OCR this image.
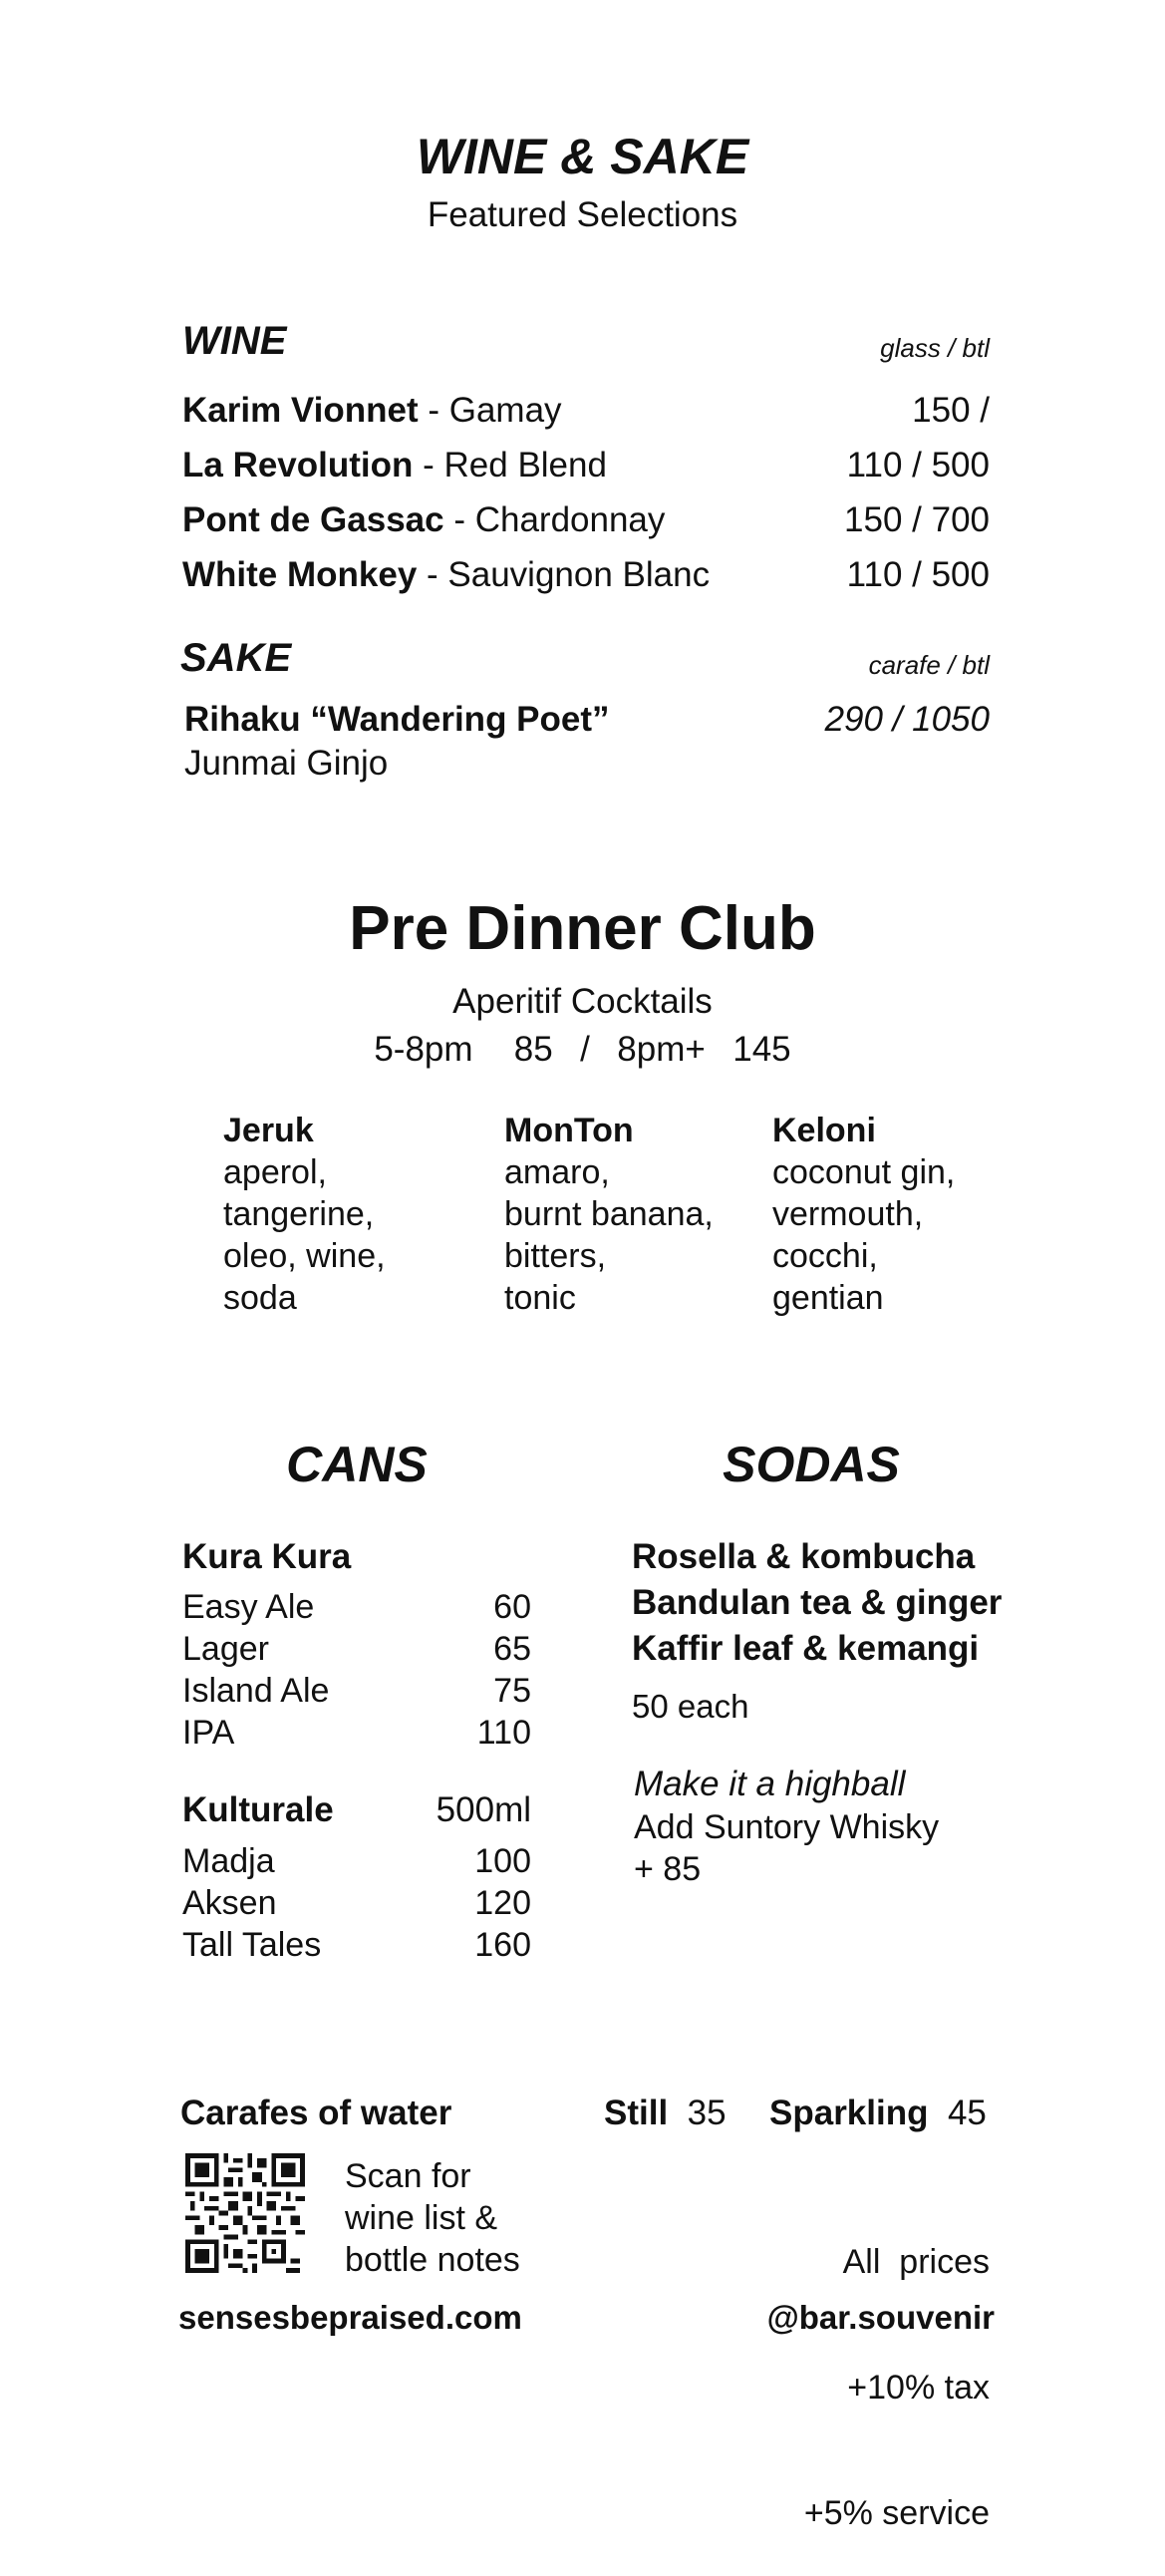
WINE & SAKE
Featured Selections
WINE	glass / btl
Karim Vionnet - Gamay	150 /
La Revolution - Red Blend	110 / 500
Pont de Gassac - Chardonnay	150 / 700
White Monkey - Sauvignon Blanc	110 / 500
SAKE	carafe / btl
Rihaku “Wandering Poet”
Junmai Ginjo
290 / 1050
Pre Dinner Club
Aperitif Cocktails
5-8pm   85  /  8pm+  145
Jeruk
aperol,
tangerine,
oleo, wine,
soda
MonTon
amaro,
burnt banana,
bitters,
tonic
Keloni
coconut gin,
vermouth,
cocchi,
gentian
CANS
Kura Kura
Easy Ale	60
Lager	65
Island Ale	75
IPA	110
Kulturale	500ml
Madja	100
Aksen	120
Tall Tales	160
SODAS
Rosella & kombucha
Bandulan tea & ginger
Kaffir leaf & kemangi
50 each
Make it a highball
Add Suntory Whisky
+ 85
Carafes of water	Still 35 Sparkling 45
Scan for
wine list &
bottle notes

	All  prices

+10% tax

+5% service

sensesbepraised.com	@bar.souvenir
